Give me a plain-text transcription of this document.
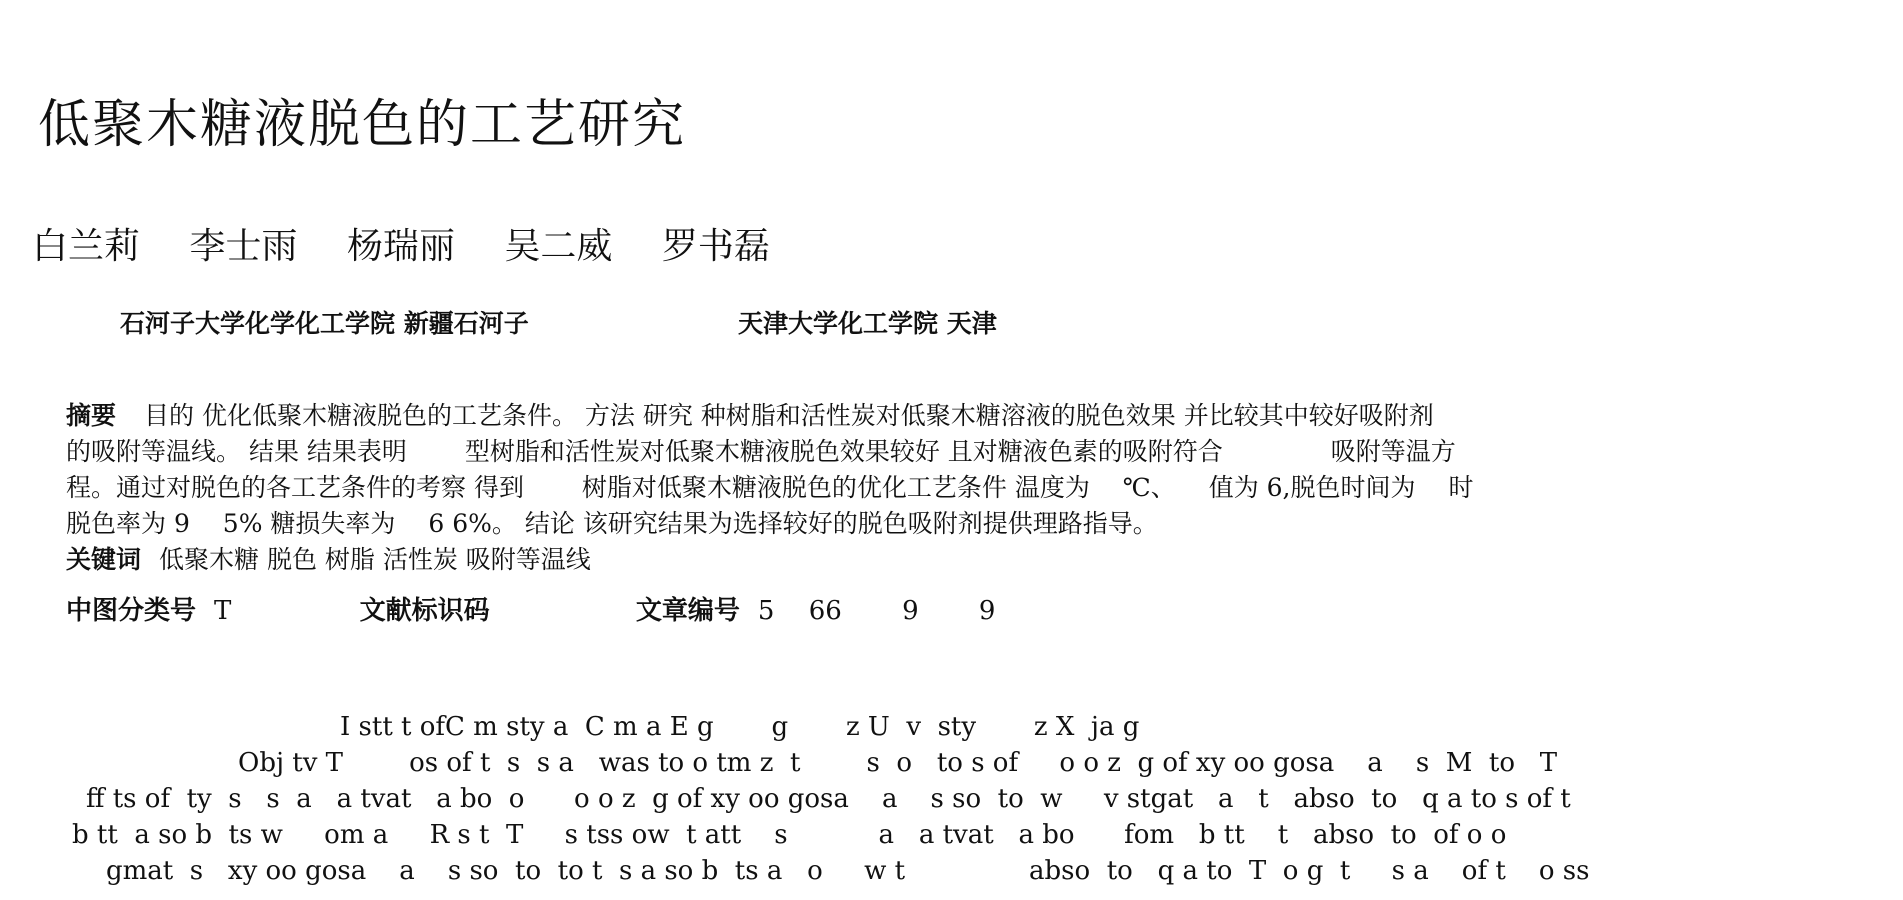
低聚木糖液脱色的工艺研究
白兰莉 李士雨 杨瑞丽 吴二威 罗书磊
石河子大学化学化工学院 新疆石河子	天津大学化工学院 天津
摘要 目的 优化低聚木糖液脱色的工艺条件。 方法 研究 种树脂和活性炭对低聚木糖溶液的脱色效果 并比较其中较好吸附剂
的吸附等温线。 结果 结果表明 　　型树脂和活性炭对低聚木糖液脱色效果较好 且对糖液色素的吸附符合 　　　　吸附等温方
程。通过对脱色的各工艺条件的考察 得到 　　树脂对低聚木糖液脱色的优化工艺条件 温度为 　℃、 　值为 6,脱色时间为 　时
脱色率为 9 　5% 糖损失率为 　6 6%。 结论 该研究结果为选择较好的脱色吸附剂提供理路指导。
关键词 低聚木糖 脱色 树脂 活性炭 吸附等温线
中图分类号 T	文献标识码	文章编号 5 　66 　　9 　　9
I stt t ofC m sty a  C m a E g       g       z U  v  sty       z X  ja g
Obj tv T        os of t  s  s a   was to o tm z  t        s  o   to s of     o o z  g of xy oo gosa    a    s  M  to   T
ff ts of  ty  s   s  a   a tvat   a bo  o      o o z  g of xy oo gosa    a    s so  to  w     v stgat   a   t   abso  to   q a to s of t
b tt  a so b  ts w     om a     R s t  T     s tss ow  t att    s           a   a tvat   a bo      fom   b tt    t   abso  to  of o o
gmat  s   xy oo gosa    a    s so  to  to t  s a so b  ts a   o     w t               abso  to   q a to  T  o g  t     s a    of t    o ss
